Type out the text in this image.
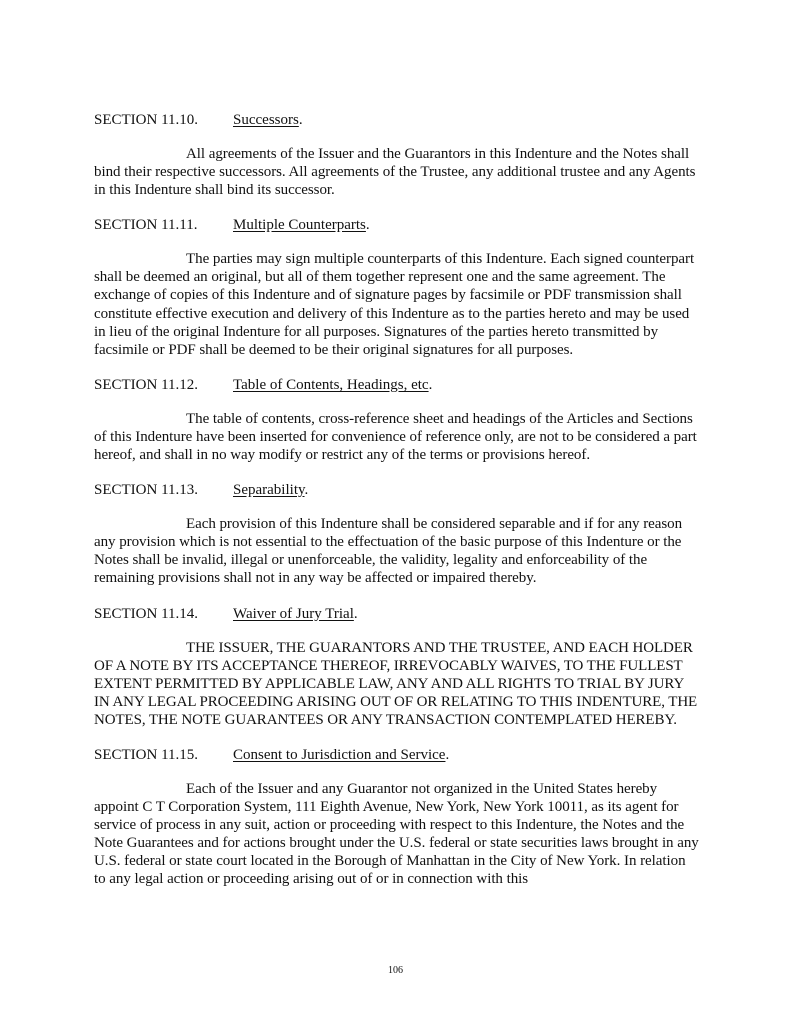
SECTION 11.10. Successors.

All agreements of the Issuer and the Guarantors in this Indenture and the Notes shall bind their respective successors. All agreements of the Trustee, any additional trustee and any Agents in this Indenture shall bind its successor.

SECTION 11.11. Multiple Counterparts.

The parties may sign multiple counterparts of this Indenture. Each signed counterpart shall be deemed an original, but all of them together represent one and the same agreement. The exchange of copies of this Indenture and of signature pages by facsimile or PDF transmission shall constitute effective execution and delivery of this Indenture as to the parties hereto and may be used in lieu of the original Indenture for all purposes. Signatures of the parties hereto transmitted by facsimile or PDF shall be deemed to be their original signatures for all purposes.

SECTION 11.12. Table of Contents, Headings, etc.

The table of contents, cross-reference sheet and headings of the Articles and Sections of this Indenture have been inserted for convenience of reference only, are not to be considered a part hereof, and shall in no way modify or restrict any of the terms or provisions hereof.

SECTION 11.13. Separability.

Each provision of this Indenture shall be considered separable and if for any reason any provision which is not essential to the effectuation of the basic purpose of this Indenture or the Notes shall be invalid, illegal or unenforceable, the validity, legality and enforceability of the remaining provisions shall not in any way be affected or impaired thereby.

SECTION 11.14. Waiver of Jury Trial.

THE ISSUER, THE GUARANTORS AND THE TRUSTEE, AND EACH HOLDER OF A NOTE BY ITS ACCEPTANCE THEREOF, IRREVOCABLY WAIVES, TO THE FULLEST EXTENT PERMITTED BY APPLICABLE LAW, ANY AND ALL RIGHTS TO TRIAL BY JURY IN ANY LEGAL PROCEEDING ARISING OUT OF OR RELATING TO THIS INDENTURE, THE NOTES, THE NOTE GUARANTEES OR ANY TRANSACTION CONTEMPLATED HEREBY.

SECTION 11.15. Consent to Jurisdiction and Service.

Each of the Issuer and any Guarantor not organized in the United States hereby appoint C T Corporation System, 111 Eighth Avenue, New York, New York 10011, as its agent for service of process in any suit, action or proceeding with respect to this Indenture, the Notes and the Note Guarantees and for actions brought under the U.S. federal or state securities laws brought in any U.S. federal or state court located in the Borough of Manhattan in the City of New York. In relation to any legal action or proceeding arising out of or in connection with this

106
